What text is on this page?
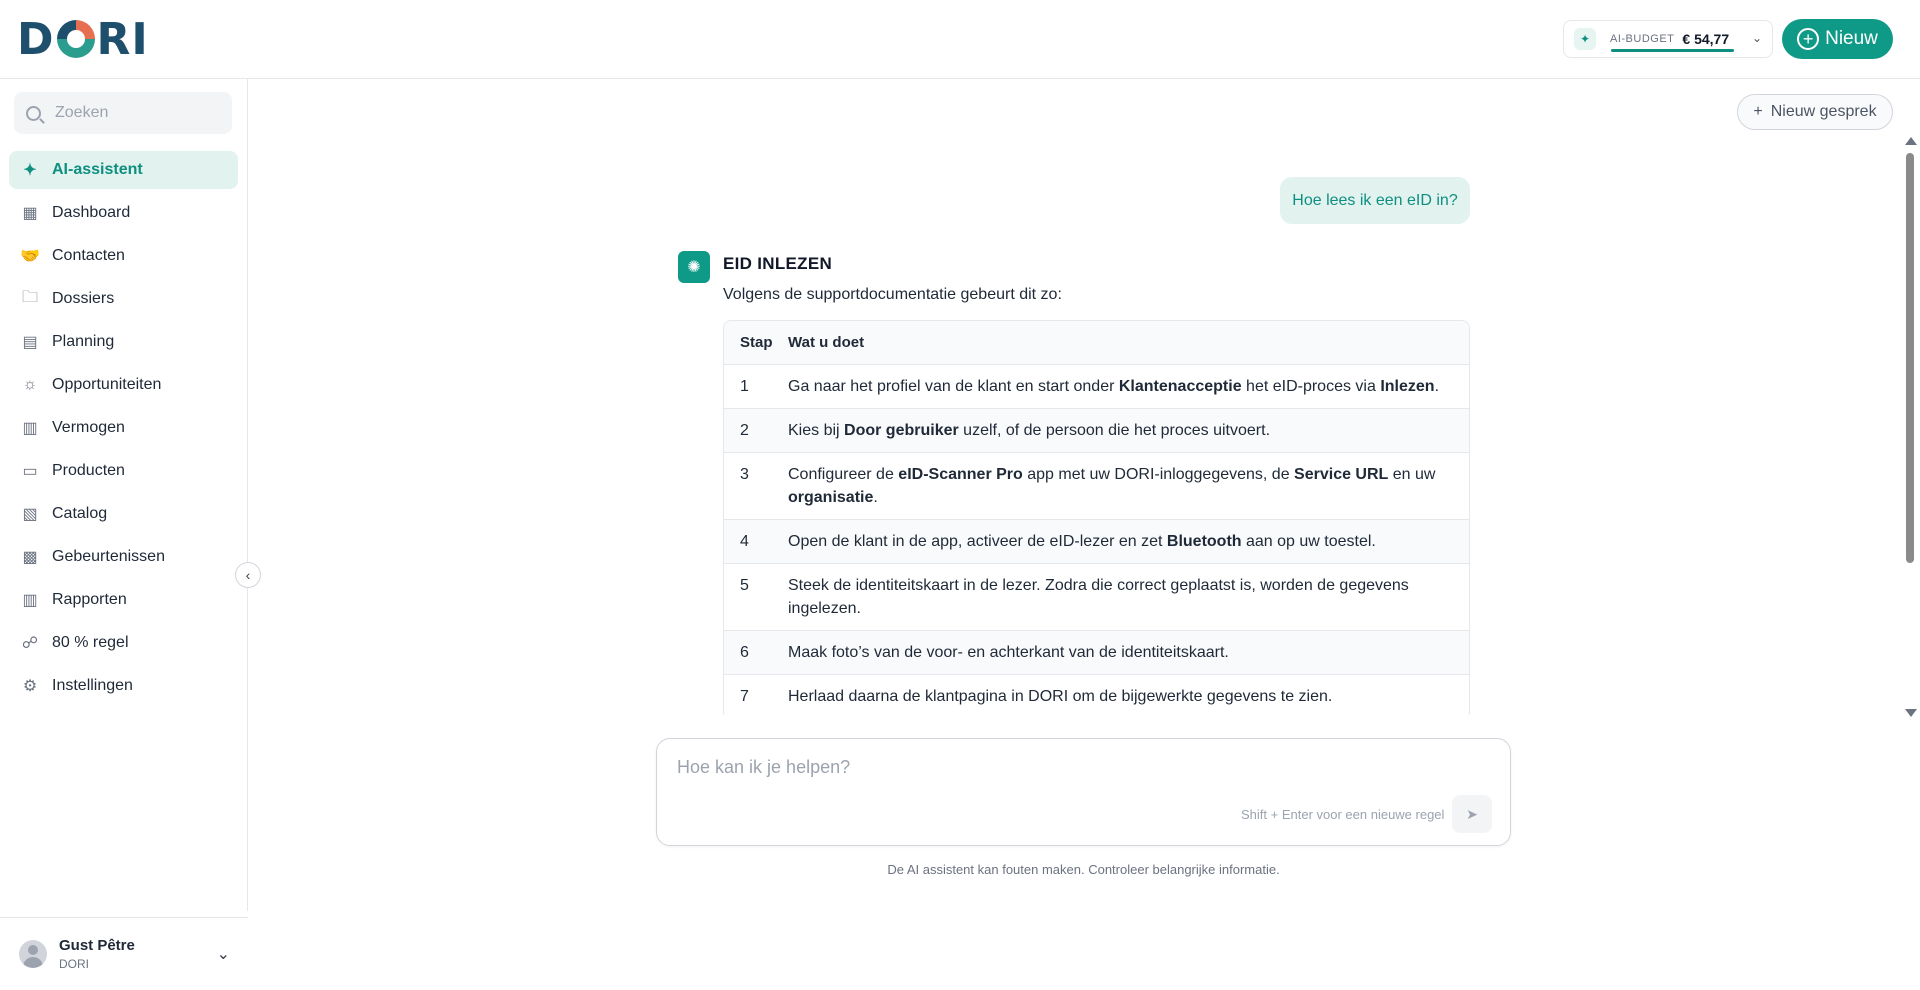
D RI	✦	AI-BUDGET € 54,77 ⌄	+ Nieuw
Zoeken
✦ AI-assistent
▦ Dashboard
🤝 Contacten
🗀 Dossiers
▤ Planning
☼ Opportuniteiten
▥ Vermogen
▭ Producten
▧ Catalog
▩ Gebeurtenissen
▥ Rapporten
☍ 80 % regel
⚙ Instellingen
‹
Gust Pêtre
DORI
⌄
+ Nieuw gesprek
Hoe lees ik een eID in?
✺	EID INLEZEN
Volgens de supportdocumentatie gebeurt dit zo:
Stap	Wat u doet
1	Ga naar het profiel van de klant en start onder Klantenacceptie het eID-proces via Inlezen.
2	Kies bij Door gebruiker uzelf, of de persoon die het proces uitvoert.
3	Configureer de eID-Scanner Pro app met uw DORI-inloggegevens, de Service URL en uw organisatie.
4	Open de klant in de app, activeer de eID-lezer en zet Bluetooth aan op uw toestel.
5	Steek de identiteitskaart in de lezer. Zodra die correct geplaatst is, worden de gegevens ingelezen.
6	Maak foto’s van de voor- en achterkant van de identiteitskaart.
7	Herlaad daarna de klantpagina in DORI om de bijgewerkte gegevens te zien.
Hoe kan ik je helpen?
Shift + Enter voor een nieuwe regel ➤
De AI assistent kan fouten maken. Controleer belangrijke informatie.
